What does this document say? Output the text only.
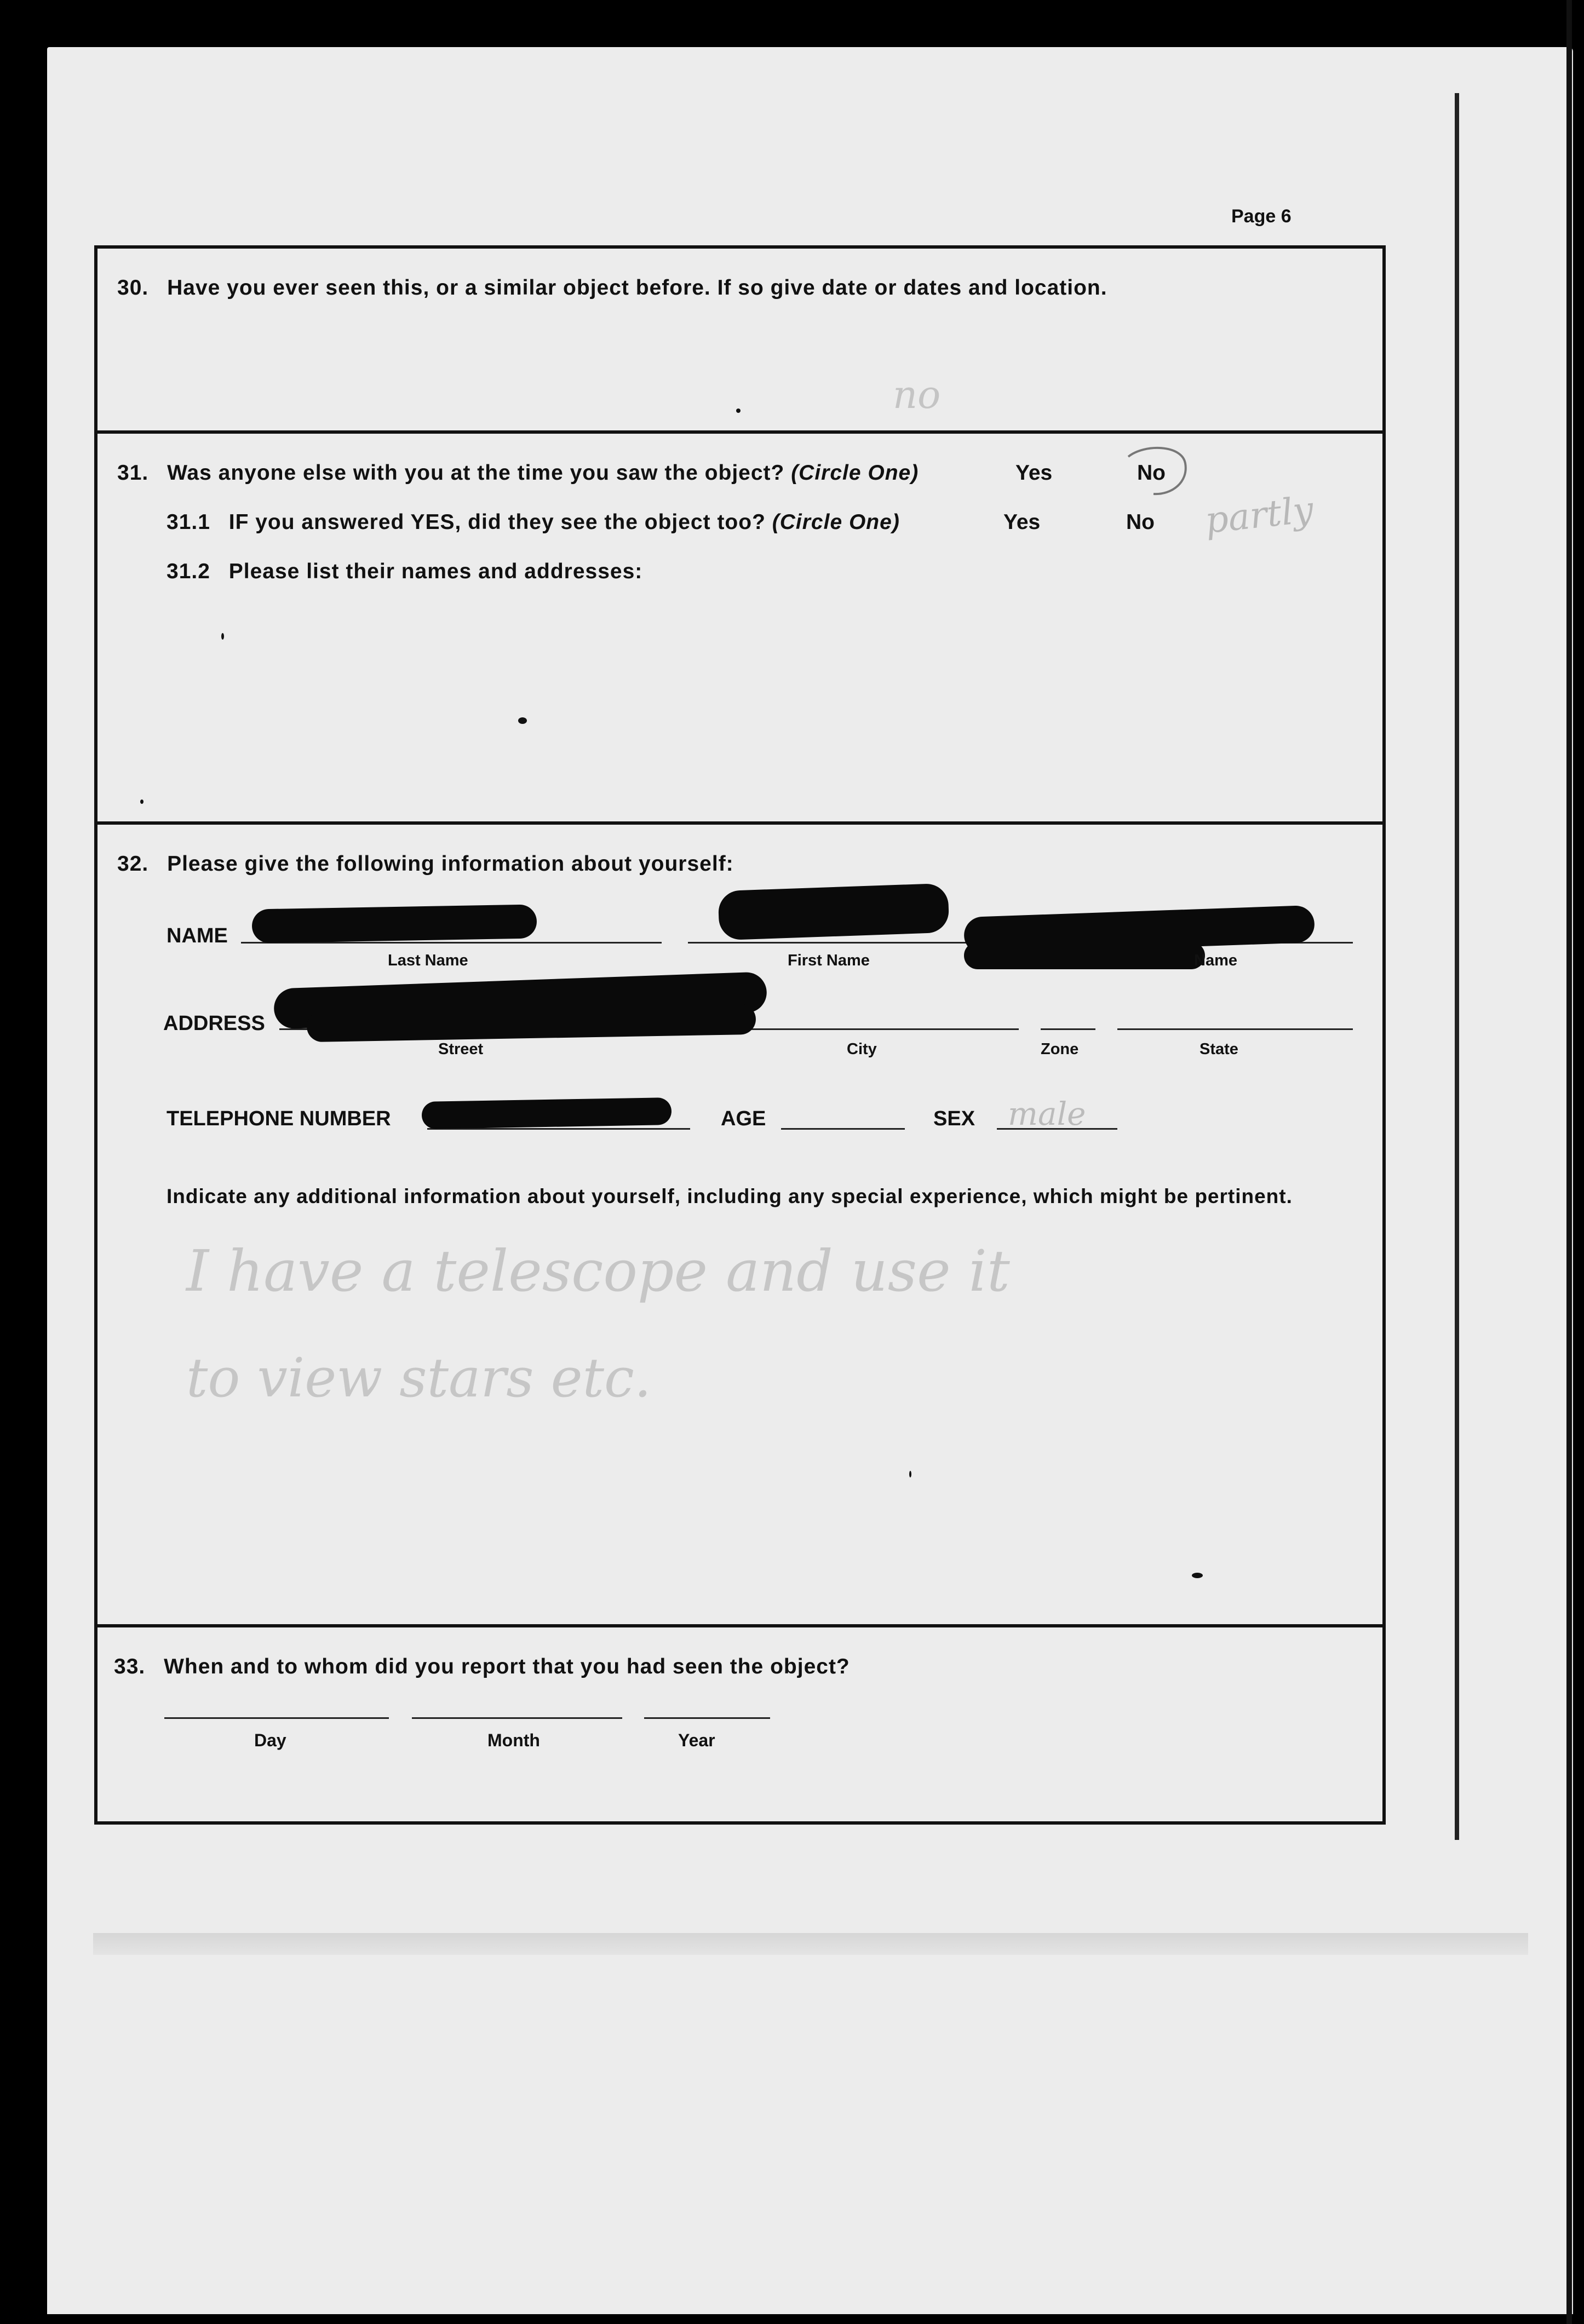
Page 6
30. Have you ever seen this, or a similar object before. If so give date or dates and location.
no
31. Was anyone else with you at the time you saw the object? (Circle One)	Yes	No
31.1 IF you answered YES, did they see the object too? (Circle One)	Yes	No partly
31.2 Please list their names and addresses:
32. Please give the following information about yourself:
NAME
Last Name	First Name	Name
ADDRESS
Street	City	Zone	State
TELEPHONE NUMBER	AGE	SEX male
Indicate any additional information about yourself, including any special experience, which might be pertinent.
I have a telescope and use it
to view stars etc.
33. When and to whom did you report that you had seen the object?
Day	Month	Year
